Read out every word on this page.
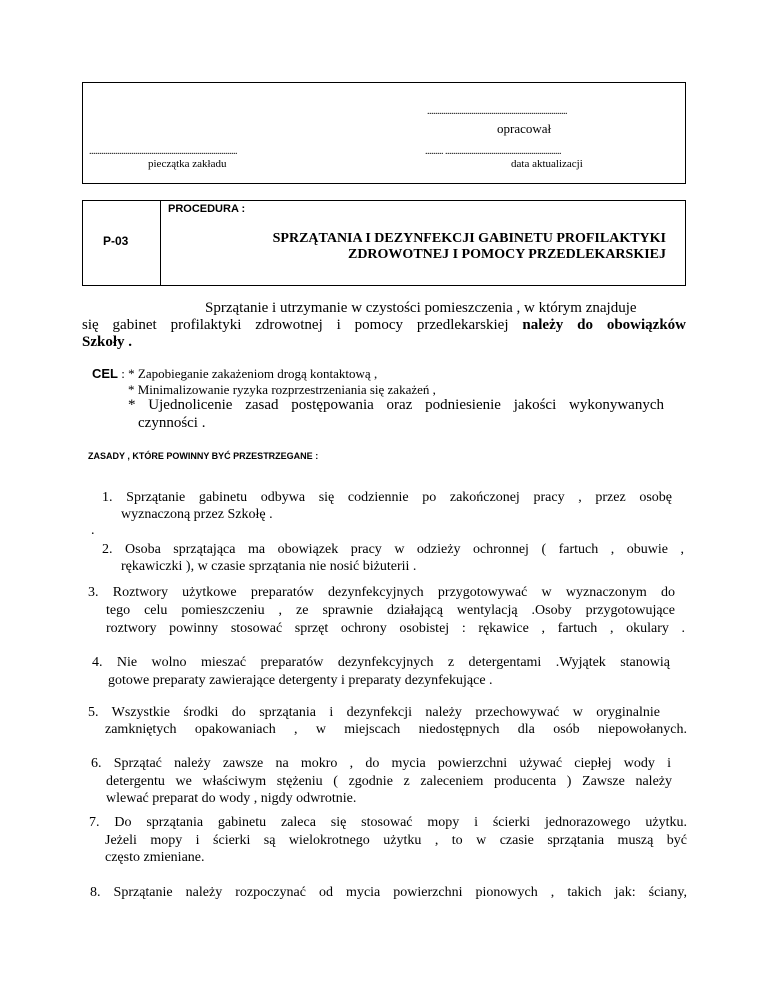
......................................................................
opracował
..........................................................................
pieczątka zakładu
......... ..........................................................
data aktualizacji
P-03
PROCEDURA :
SPRZĄTANIA I DEZYNFEKCJI GABINETU PROFILAKTYKI
ZDROWOTNEJ I POMOCY PRZEDLEKARSKIEJ
Sprzątanie i utrzymanie w czystości pomieszczenia , w którym znajduje
się gabinet profilaktyki zdrowotnej i pomocy przedlekarskiej należy do obowiązków
Szkoły .
CEL : * Zapobieganie zakażeniom drogą kontaktową ,
* Minimalizowanie ryzyka rozprzestrzeniania się zakażeń ,
* Ujednolicenie zasad postępowania oraz podniesienie jakości wykonywanych
czynności .
ZASADY , KTÓRE POWINNY BYĆ PRZESTRZEGANE :
1. Sprzątanie gabinetu odbywa się codziennie po zakończonej pracy , przez osobę
wyznaczoną przez Szkołę .
.
2. Osoba sprzątająca ma obowiązek pracy w odzieży ochronnej ( fartuch , obuwie ,
rękawiczki ), w czasie sprzątania nie nosić biżuterii .
3. Roztwory użytkowe preparatów dezynfekcyjnych przygotowywać w wyznaczonym do
tego celu pomieszczeniu , ze sprawnie działającą wentylacją .Osoby przygotowujące
roztwory powinny stosować sprzęt ochrony osobistej : rękawice , fartuch , okulary .
4. Nie wolno mieszać preparatów dezynfekcyjnych z detergentami .Wyjątek stanowią
gotowe preparaty zawierające detergenty i preparaty dezynfekujące .
5. Wszystkie środki do sprzątania i dezynfekcji należy przechowywać w oryginalnie
zamkniętych opakowaniach , w miejscach niedostępnych dla osób niepowołanych.
6. Sprzątać należy zawsze na mokro , do mycia powierzchni używać ciepłej wody i
detergentu we właściwym stężeniu ( zgodnie z zaleceniem producenta ) Zawsze należy
wlewać preparat do wody , nigdy odwrotnie.
7. Do sprzątania gabinetu zaleca się stosować mopy i ścierki jednorazowego użytku.
Jeżeli mopy i ścierki są wielokrotnego użytku , to w czasie sprzątania muszą być
często zmieniane.
8. Sprzątanie należy rozpoczynać od mycia powierzchni pionowych , takich jak: ściany,
